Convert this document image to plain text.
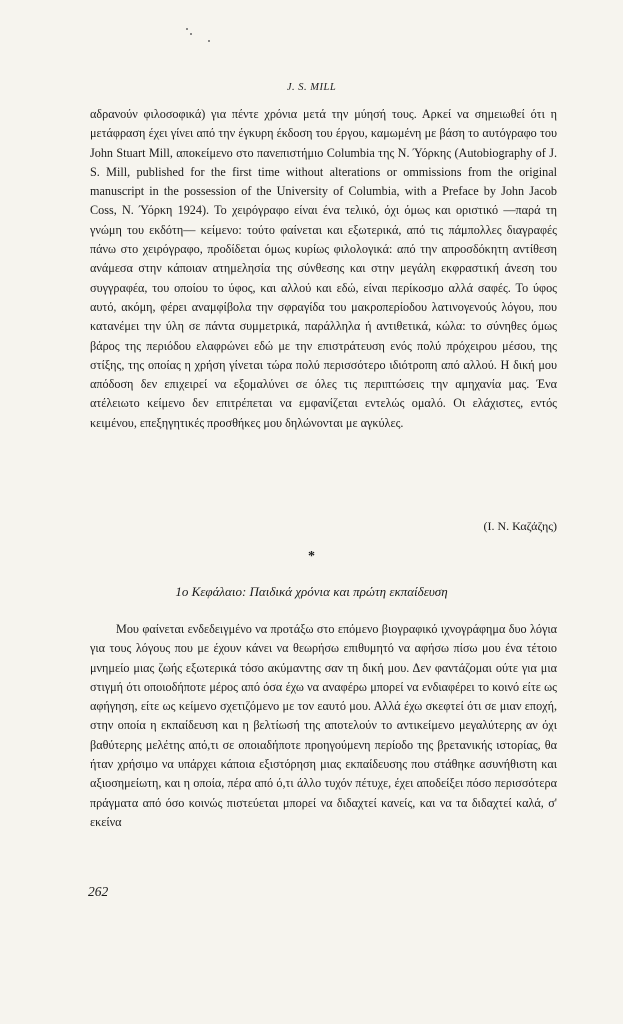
J. S. MILL

αδρανούν φιλοσοφικά) για πέντε χρόνια μετά την μύησή τους. Αρκεί να σημειωθεί ότι η μετάφραση έχει γίνει από την έγκυρη έκδοση του έργου, καμωμένη με βάση το αυτόγραφο του John Stuart Mill, αποκείμενο στο πανεπιστήμιο Columbia της Ν. Ύόρκης (Autobiography of J. S. Mill, published for the first time without alterations or ommissions from the original manuscript in the possession of the University of Columbia, with a Preface by John Jacob Coss, Ν. Ύόρκη 1924). Το χειρόγραφο είναι ένα τελικό, όχι όμως και οριστικό —παρά τη γνώμη του εκδότη— κείμενο: τούτο φαίνεται και εξωτερικά, από τις πάμπολλες διαγραφές πάνω στο χειρόγραφο, προδίδεται όμως κυρίως φιλολογικά: από την απροσδόκητη αντίθεση ανάμεσα στην κάποιαν ατημελησία της σύνθεσης και στην μεγάλη εκφραστική άνεση του συγγραφέα, του οποίου το ύφος, και αλλού και εδώ, είναι περίκοσμο αλλά σαφές. Το ύφος αυτό, ακόμη, φέρει αναμφίβολα την σφραγίδα του μακροπερίοδου λατινογενούς λόγου, που κατανέμει την ύλη σε πάντα συμμετρικά, παράλληλα ή αντιθετικά, κώλα: το σύνηθες όμως βάρος της περιόδου ελαφρώνει εδώ με την επιστράτευση ενός πολύ πρόχειρου μέσου, της στίξης, της οποίας η χρήση γίνεται τώρα πολύ περισσότερο ιδιότροπη από αλλού. Η δική μου απόδοση δεν επιχειρεί να εξομαλύνει σε όλες τις περιπτώσεις την αμηχανία μας. Ένα ατέλειωτο κείμενο δεν επιτρέπεται να εμφανίζεται εντελώς ομαλό. Οι ελάχιστες, εντός κειμένου, επεξηγητικές προσθήκες μου δηλώνονται με αγκύλες.

(Ι. Ν. Καζάζης)
*
1ο Κεφάλαιο: Παιδικά χρόνια και πρώτη εκπαίδευση

Μου φαίνεται ενδεδειγμένο να προτάξω στο επόμενο βιογραφικό ιχνογράφημα δυο λόγια για τους λόγους που με έχουν κάνει να θεωρήσω επιθυμητό να αφήσω πίσω μου ένα τέτοιο μνημείο μιας ζωής εξωτερικά τόσο ακύμαντης σαν τη δική μου. Δεν φαντάζομαι ούτε για μια στιγμή ότι οποιοδήποτε μέρος από όσα έχω να αναφέρω μπορεί να ενδιαφέρει το κοινό είτε ως αφήγηση, είτε ως κείμενο σχετιζόμενο με τον εαυτό μου. Αλλά έχω σκεφτεί ότι σε μιαν εποχή, στην οποία η εκπαίδευση και η βελτίωσή της αποτελούν το αντικείμενο μεγαλύτερης αν όχι βαθύτερης μελέτης από,τι σε οποιαδήποτε προηγούμενη περίοδο της βρετανικής ιστορίας, θα ήταν χρήσιμο να υπάρχει κάποια εξιστόρηση μιας εκπαίδευσης που στάθηκε ασυνήθιστη και αξιοσημείωτη, και η οποία, πέρα από ό,τι άλλο τυχόν πέτυχε, έχει αποδείξει πόσο περισσότερα πράγματα από όσο κοινώς πιστεύεται μπορεί να διδαχτεί κανείς, και να τα διδαχτεί καλά, σ' εκείνα

262
